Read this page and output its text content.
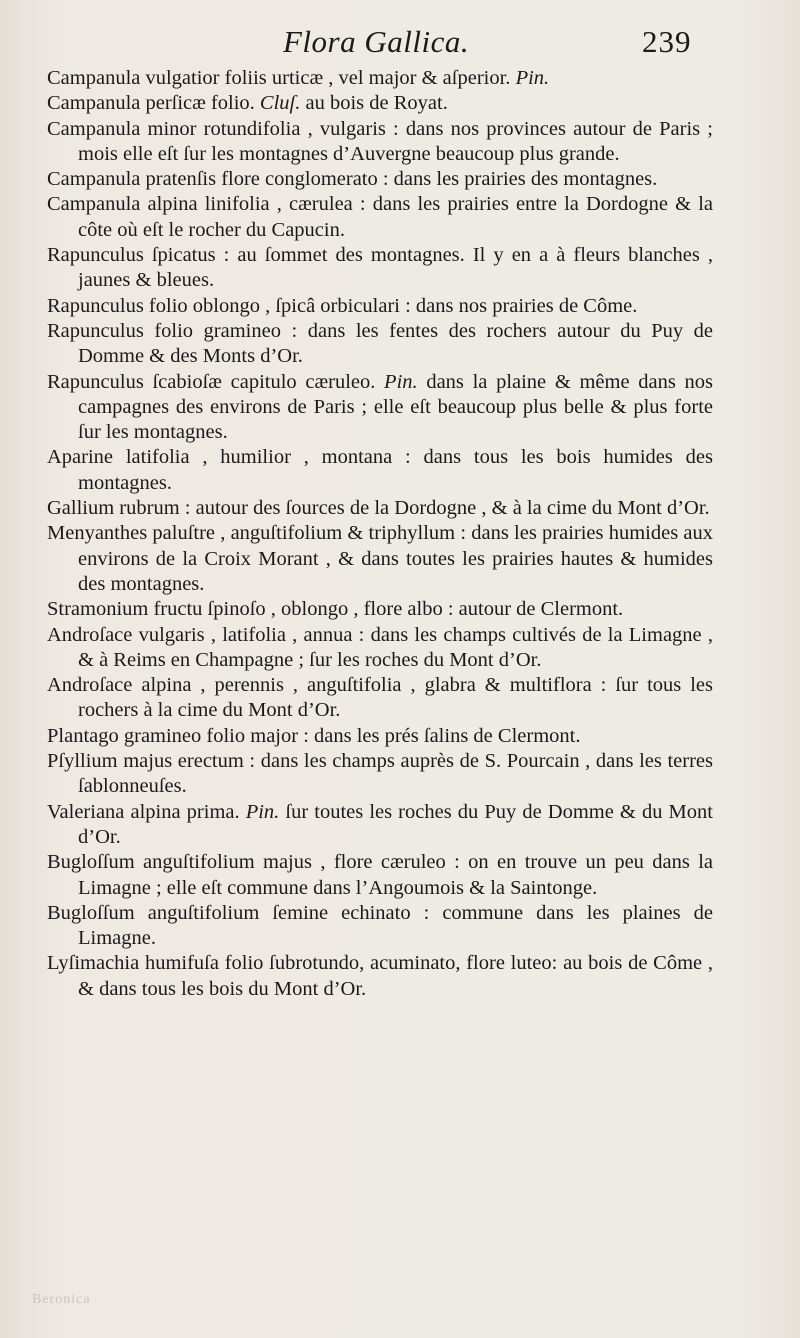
Flora Gallica.	239

Campanula vulgatior foliis urticæ , vel major & aſperior. Pin.

Campanula perſicæ folio. Cluſ. au bois de Royat.

Campanula minor rotundifolia , vulgaris : dans nos provinces autour de Paris ; mois elle eſt ſur les montagnes d’Auvergne beaucoup plus grande.

Campanula pratenſis flore conglomerato : dans les prairies des montagnes.

Campanula alpina linifolia , cærulea : dans les prairies entre la Dordogne & la côte où eſt le rocher du Capucin.

Rapunculus ſpicatus : au ſommet des montagnes. Il y en a à fleurs blanches , jaunes & bleues.

Rapunculus folio oblongo , ſpicâ orbiculari : dans nos prairies de Côme.

Rapunculus folio gramineo : dans les fentes des rochers autour du Puy de Domme & des Monts d’Or.

Rapunculus ſcabioſæ capitulo cæruleo. Pin. dans la plaine & même dans nos campagnes des environs de Paris ; elle eſt beaucoup plus belle & plus forte ſur les montagnes.

Aparine latifolia , humilior , montana : dans tous les bois humides des montagnes.

Gallium rubrum : autour des ſources de la Dordogne , & à la cime du Mont d’Or.

Menyanthes paluſtre , anguſtifolium & triphyllum : dans les prairies humides aux environs de la Croix Morant , & dans toutes les prairies hautes & humides des montagnes.

Stramonium fructu ſpinoſo , oblongo , flore albo : autour de Clermont.

Androſace vulgaris , latifolia , annua : dans les champs cultivés de la Limagne , & à Reims en Champagne ; ſur les roches du Mont d’Or.

Androſace alpina , perennis , anguſtifolia , glabra & multiflora : ſur tous les rochers à la cime du Mont d’Or.

Plantago gramineo folio major : dans les prés ſalins de Clermont.

Pſyllium majus erectum : dans les champs auprès de S. Pourcain , dans les terres ſablonneuſes.

Valeriana alpina prima. Pin. ſur toutes les roches du Puy de Domme & du Mont d’Or.

Bugloſſum anguſtifolium majus , flore cæruleo : on en trouve un peu dans la Limagne ; elle eſt commune dans l’Angoumois & la Saintonge.

Bugloſſum anguſtifolium ſemine echinato : commune dans les plaines de Limagne.

Lyſimachia humifuſa folio ſubrotundo, acuminato, flore luteo: au bois de Côme , & dans tous les bois du Mont d’Or.

Beronica
